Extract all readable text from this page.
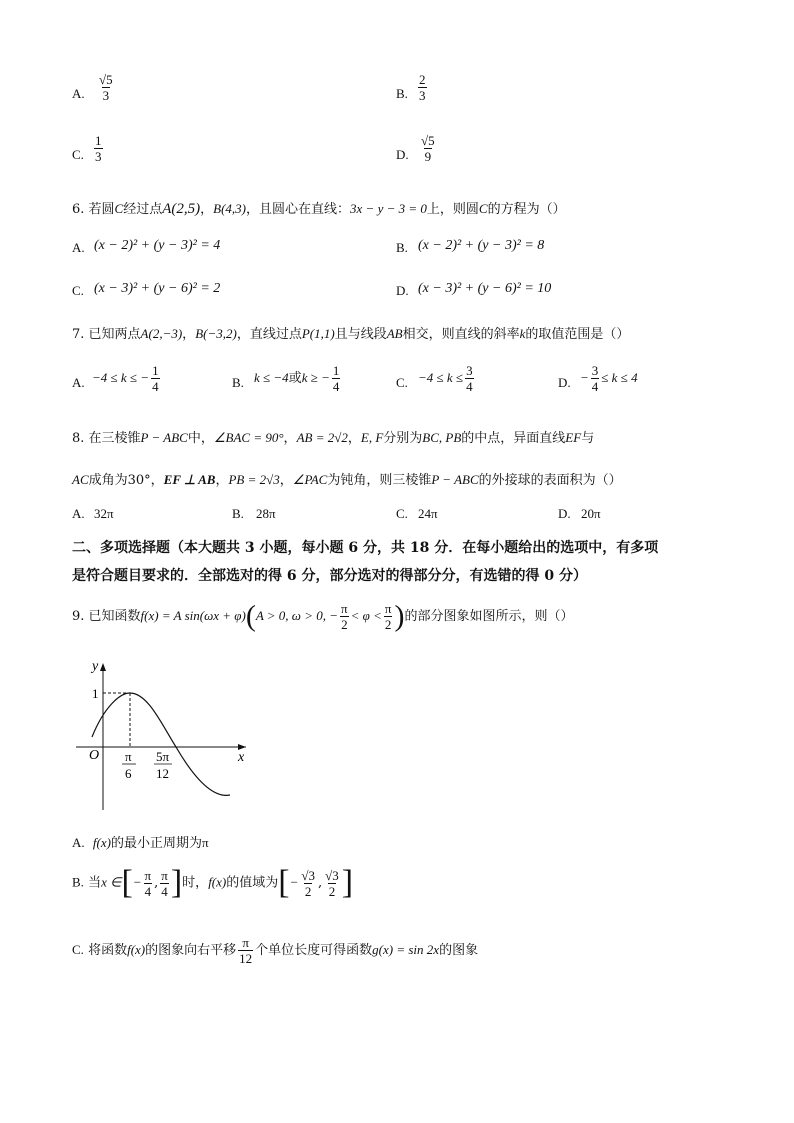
A. $\frac{√5}{3}$	B. $\frac{2}{3}$
C. $\frac{1}{3}$	D. $\frac{√5}{9}$
6. 若圆C经过点A(2,5)，B(4,3)，且圆心在直线：3x − y − 3 = 0上，则圆C的方程为（）
A. (x − 2)² + (y − 3)² = 4	B. (x − 2)² + (y − 3)² = 8
C. (x − 3)² + (y − 6)² = 2	D. (x − 3)² + (y − 6)² = 10
7. 已知两点A(2,−3)，B(−3,2)，直线过点P(1,1)且与线段AB相交，则直线的斜率k的取值范围是（）
A. −4 ≤ k ≤ − $\frac{1}{4}$	B. k ≤ −4或k ≥ − $\frac{1}{4}$	C. $-4 \le k \le \frac{3}{4}$	D. − $\frac{3}{4} \le k \le 4$
8. 在三棱锥P − ABC中，∠BAC = 90°，AB = 2√2，E, F分别为BC, PB的中点，异面直线EF与
AC成角为30°，EF ⊥ AB，PB = 2√3，∠PAC为钝角，则三棱锥P − ABC的外接球的表面积为（）
A. 32π	B. 28π	C. 24π	D. 20π
二、多项选择题（本大题共 3 小题，每小题 6 分，共 18 分．在每小题给出的选项中，有多项
是符合题目要求的．全部选对的得 6 分，部分选对的得部分分，有选错的得 0 分）
9. 已知函数f(x) = A sin(ωx + φ)(A > 0, ω > 0, − $\frac{\pi}{2} < \varphi < \frac{\pi}{2}$ )的部分图象如图所示，则（）
y
x
O
1
π
6
5π
12
A. f(x)的最小正周期为π
B. 当x ∈[− $\frac{\pi}{4}$ , $\frac{\pi}{4}$ ]时，f(x)的值域为[− $\frac{√3}{2}$ , $\frac{√3}{2}$ ]
C. 将函数f(x)的图象向右平移 $\frac{\pi}{12}$ 个单位长度可得函数g(x) = sin 2x的图象
